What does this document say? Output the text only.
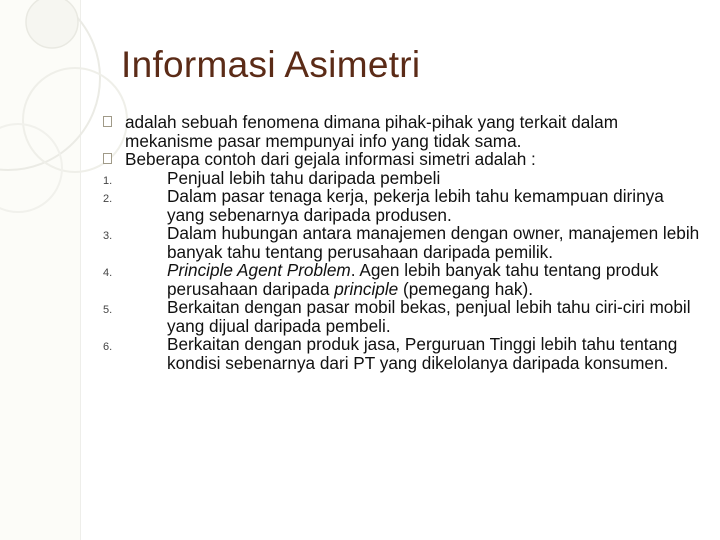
Informasi Asimetri
adalah sebuah fenomena dimana pihak-pihak yang terkait dalam mekanisme pasar mempunyai info yang tidak sama.
Beberapa contoh dari gejala informasi simetri adalah :
1.	Penjual lebih tahu daripada pembeli
2.	Dalam pasar tenaga kerja, pekerja lebih tahu kemampuan dirinya yang sebenarnya daripada produsen.
3.	Dalam hubungan antara manajemen dengan owner, manajemen lebih banyak tahu tentang perusahaan daripada pemilik.
4.	Principle Agent Problem. Agen lebih banyak tahu tentang produk perusahaan daripada principle (pemegang hak).
5.	Berkaitan dengan pasar mobil bekas, penjual lebih tahu ciri-ciri mobil yang dijual daripada pembeli.
6.	Berkaitan dengan produk jasa, Perguruan Tinggi lebih tahu tentang kondisi sebenarnya dari PT yang dikelolanya daripada konsumen.
